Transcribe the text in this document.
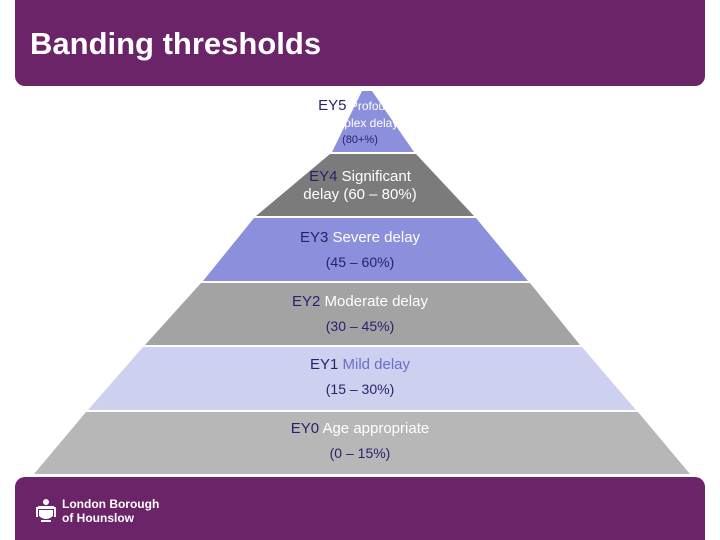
Banding thresholds
EY5 Profound/
complex delay
(80+%)
EY4 Significant
delay (60 – 80%)
EY3 Severe delay
(45 – 60%)
EY2 Moderate delay
(30 – 45%)
EY1 Mild delay
(15 – 30%)
EY0 Age appropriate
(0 – 15%)
London Borough
of Hounslow
